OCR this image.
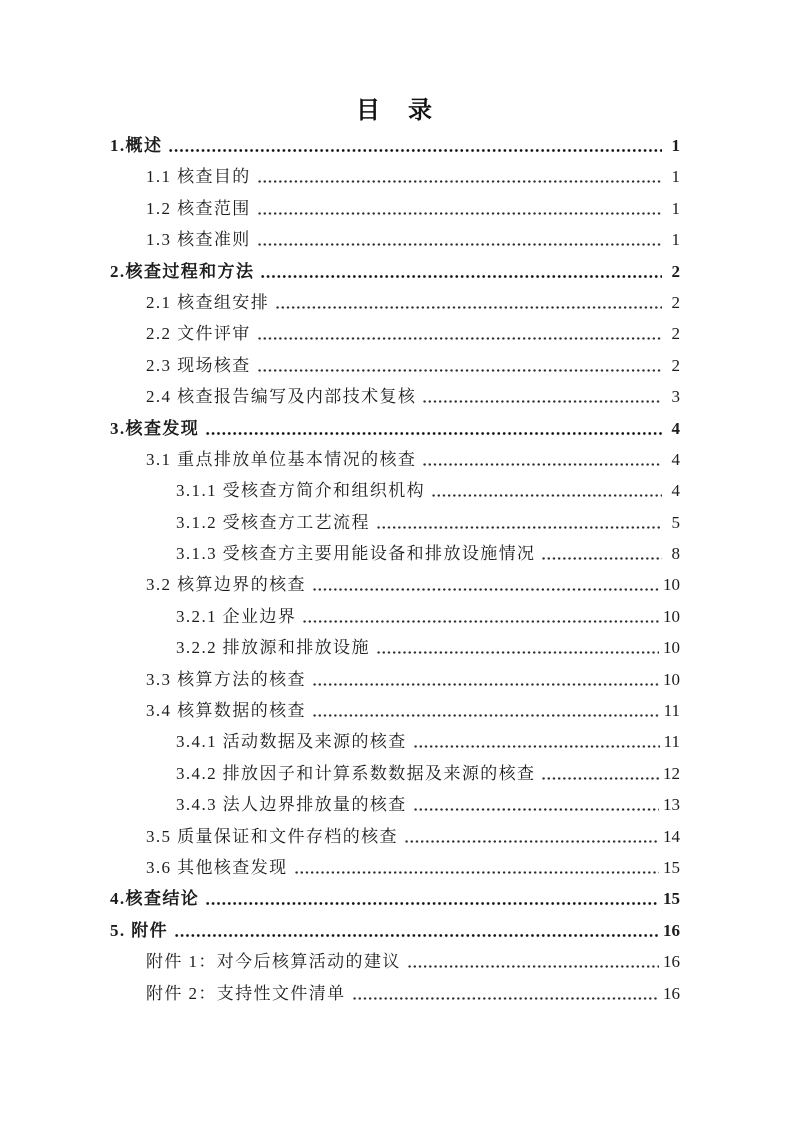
目　录
1.概述	1
1.1 核查目的	1
1.2 核查范围	1
1.3 核查准则	1
2.核查过程和方法	2
2.1 核查组安排	2
2.2 文件评审	2
2.3 现场核查	2
2.4 核查报告编写及内部技术复核	3
3.核查发现	4
3.1 重点排放单位基本情况的核查	4
3.1.1 受核查方简介和组织机构	4
3.1.2 受核查方工艺流程	5
3.1.3 受核查方主要用能设备和排放设施情况	8
3.2 核算边界的核查	10
3.2.1 企业边界	10
3.2.2 排放源和排放设施	10
3.3 核算方法的核查	10
3.4 核算数据的核查	11
3.4.1 活动数据及来源的核查	11
3.4.2 排放因子和计算系数数据及来源的核查	12
3.4.3 法人边界排放量的核查	13
3.5 质量保证和文件存档的核查	14
3.6 其他核查发现	15
4.核查结论	15
5. 附件	16
附件 1：对今后核算活动的建议	16
附件 2：支持性文件清单	16
